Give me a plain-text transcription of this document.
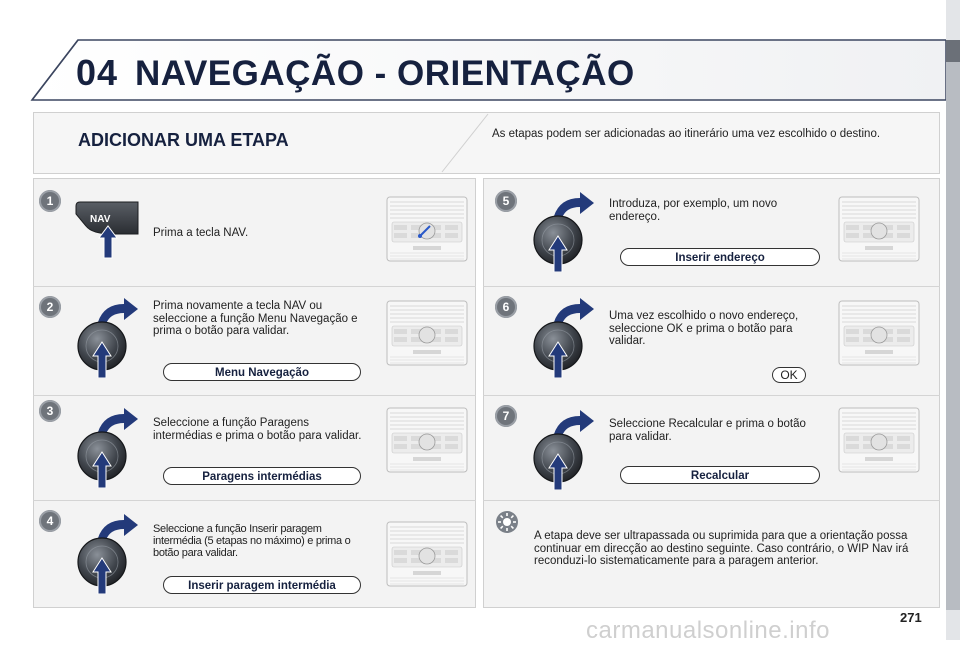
04 NAVEGAÇÃO - ORIENTAÇÃO
ADICIONAR UMA ETAPA	As etapas podem ser adicionadas ao itinerário uma vez escolhido o destino.
1
2
3
4
5
6
7
NAV
Prima a tecla NAV.
Prima novamente a tecla NAV ou seleccione a função Menu Navegação e prima o botão para validar.
Menu Navegação
Seleccione a função Paragens intermédias e prima o botão para validar.
Paragens intermédias
Seleccione a função Inserir paragem intermédia (5 etapas no máximo) e prima o botão para validar.
Inserir paragem intermédia
Introduza, por exemplo, um novo endereço.
Inserir endereço
Uma vez escolhido o novo endereço, seleccione OK e prima o botão para validar.
OK
Seleccione Recalcular e prima o botão para validar.
Recalcular
A etapa deve ser ultrapassada ou suprimida para que a orientação possa continuar em direcção ao destino seguinte. Caso contrário, o WIP Nav irá reconduzi-lo sistematicamente para a paragem anterior.
271
carmanualsonline.info
